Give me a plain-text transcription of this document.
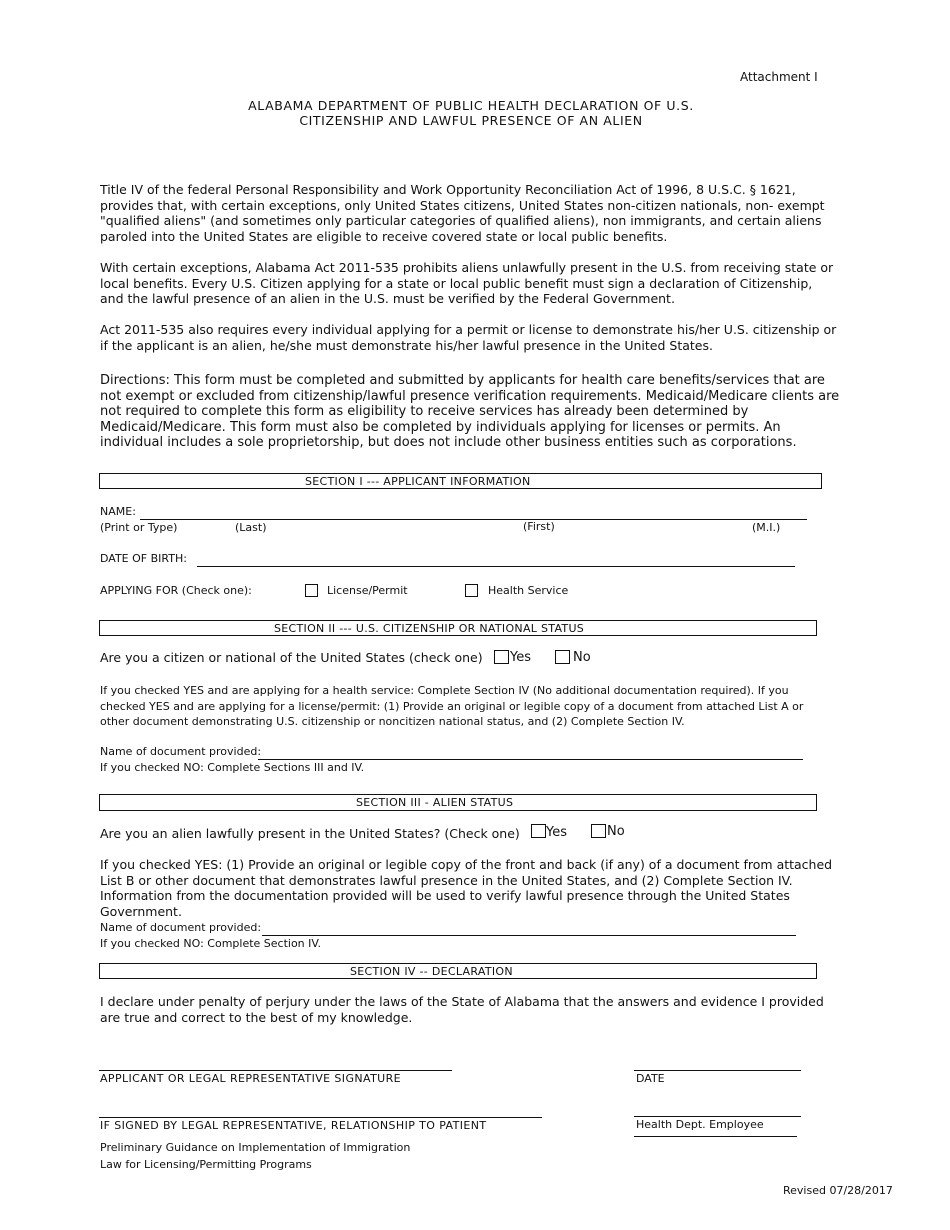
Attachment I
ALABAMA DEPARTMENT OF PUBLIC HEALTH DECLARATION OF U.S.
CITIZENSHIP AND LAWFUL PRESENCE OF AN ALIEN
Title IV of the federal Personal Responsibility and Work Opportunity Reconciliation Act of 1996, 8 U.S.C. § 1621, provides that, with certain exceptions, only United States citizens, United States non-citizen nationals, non- exempt "qualified aliens" (and sometimes only particular categories of qualified aliens), non immigrants, and certain aliens paroled into the United States are eligible to receive covered state or local public benefits.
With certain exceptions, Alabama Act 2011-535 prohibits aliens unlawfully present in the U.S. from receiving state or local benefits. Every U.S. Citizen applying for a state or local public benefit must sign a declaration of Citizenship, and the lawful presence of an alien in the U.S. must be verified by the Federal Government.
Act 2011-535 also requires every individual applying for a permit or license to demonstrate his/her U.S. citizenship or if the applicant is an alien, he/she must demonstrate his/her lawful presence in the United States.
Directions: This form must be completed and submitted by applicants for health care benefits/services that are not exempt or excluded from citizenship/lawful presence verification requirements. Medicaid/Medicare clients are not required to complete this form as eligibility to receive services has already been determined by Medicaid/Medicare. This form must also be completed by individuals applying for licenses or permits. An individual includes a sole proprietorship, but does not include other business entities such as corporations.
SECTION I --- APPLICANT INFORMATION
NAME:
(Print or Type)	(Last)	(First)	(M.I.)
DATE OF BIRTH:
APPLYING FOR (Check one):	License/Permit	Health Service
SECTION II --- U.S. CITIZENSHIP OR NATIONAL STATUS
Are you a citizen or national of the United States (check one) Yes	No
If you checked YES and are applying for a health service: Complete Section IV (No additional documentation required). If you checked YES and are applying for a license/permit: (1) Provide an original or legible copy of a document from attached List A or other document demonstrating U.S. citizenship or noncitizen national status, and (2) Complete Section IV.
Name of document provided:
If you checked NO: Complete Sections III and IV.
SECTION III - ALIEN STATUS
Are you an alien lawfully present in the United States? (Check one) Yes	No
If you checked YES: (1) Provide an original or legible copy of the front and back (if any) of a document from attached List B or other document that demonstrates lawful presence in the United States, and (2) Complete Section IV. Information from the documentation provided will be used to verify lawful presence through the United States Government.
Name of document provided:
If you checked NO: Complete Section IV.
SECTION IV -- DECLARATION
I declare under penalty of perjury under the laws of the State of Alabama that the answers and evidence I provided are true and correct to the best of my knowledge.
APPLICANT OR LEGAL REPRESENTATIVE SIGNATURE	DATE
IF SIGNED BY LEGAL REPRESENTATIVE, RELATIONSHIP TO PATIENT	Health Dept. Employee
Preliminary Guidance on Implementation of Immigration
Law for Licensing/Permitting Programs
Revised 07/28/2017
